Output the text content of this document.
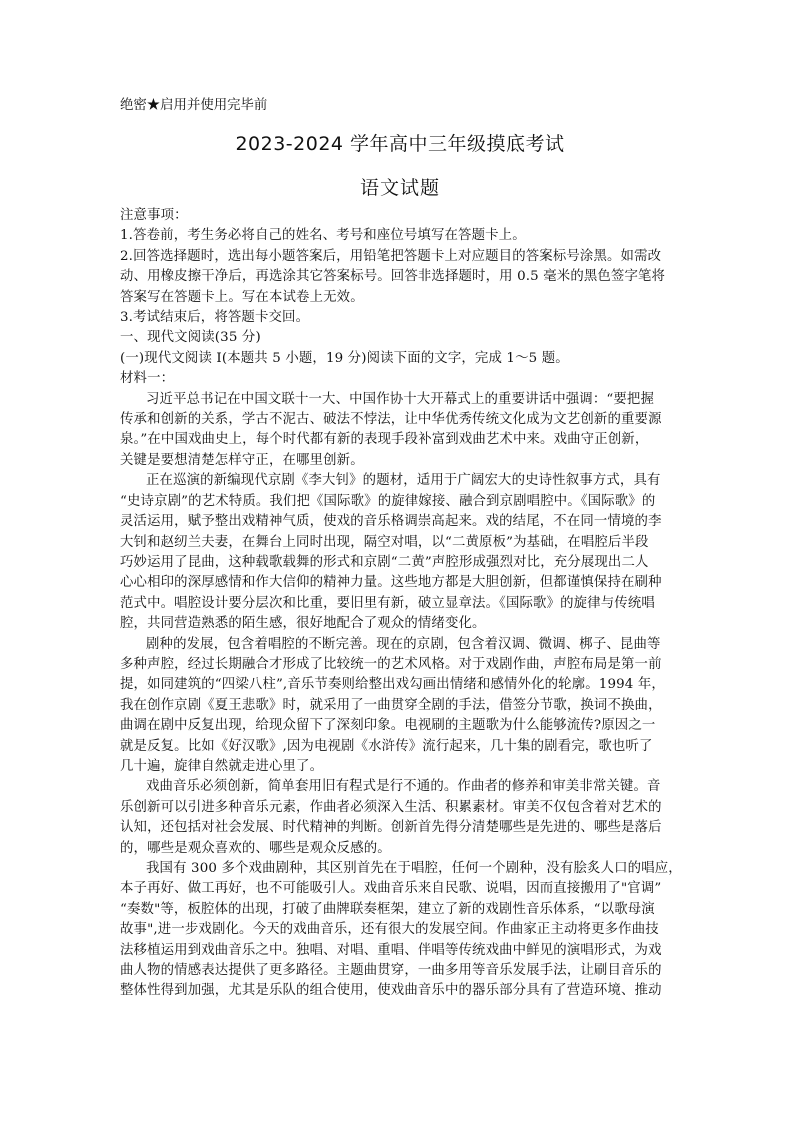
绝密★启用并使用完毕前
2023-2024 学年高中三年级摸底考试
语文试题
注意事项：
1.答卷前，考生务必将自己的姓名、考号和座位号填写在答题卡上。
2.回答选择题时，选出每小题答案后，用铅笔把答题卡上对应题目的答案标号涂黑。如需改
动、用橡皮擦干净后，再选涂其它答案标号。回答非选择题时，用 0.5 毫米的黑色签字笔将
答案写在答题卡上。写在本试卷上无效。
3.考试结束后，将答题卡交回。
一、现代文阅读(35 分)
(一)现代文阅读 I(本题共 5 小题，19 分)阅读下面的文字，完成 1～5 题。
材料一：
习近平总书记在中国文联十一大、中国作协十大开幕式上的重要讲话中强调：“要把握
传承和创新的关系，学古不泥古、破法不悖法，让中华优秀传统文化成为文艺创新的重要源
泉。”在中国戏曲史上，每个时代都有新的表现手段补富到戏曲艺术中来。戏曲守正创新，
关键是要想清楚怎样守正，在哪里创新。
正在巡演的新编现代京剧《李大钊》的题材，适用于广阔宏大的史诗性叙事方式，具有
“史诗京剧”的艺术特质。我们把《国际歌》的旋律嫁接、融合到京剧唱腔中。《国际歌》的
灵活运用，赋予整出戏精神气质，使戏的音乐格调崇高起来。戏的结尾，不在同一情境的李
大钊和赵纫兰夫妻，在舞台上同时出现，隔空对唱，以“二黄原板”为基础，在唱腔后半段
巧妙运用了昆曲，这种载歌载舞的形式和京剧“二黄”声腔形成强烈对比，充分展现出二人
心心相印的深厚感情和作大信仰的精神力量。这些地方都是大胆创新，但都谨慎保持在刷种
范式中。唱腔设计要分层次和比重，要旧里有新，破立显章法。《国际歌》的旋律与传统唱
腔，共同营造熟悉的陌生感，很好地配合了观众的情绪变化。
剧种的发展，包含着唱腔的不断完善。现在的京剧，包含着汉调、微调、梆子、昆曲等
多种声腔，经过长期融合才形成了比较统一的艺术风格。对于戏剧作曲，声腔布局是第一前
提，如同建筑的“四梁八柱”,音乐节奏则给整出戏勾画出情绪和感情外化的轮廓。1994 年，
我在创作京剧《夏王悲歌》时，就采用了一曲贯穿全剧的手法，借签分节歌，换词不换曲，
曲调在剧中反复出现，给现众留下了深刻印象。电视刷的主题歌为什么能够流传?原因之一
就是反复。比如《好汉歌》,因为电视剧《水浒传》流行起来，几十集的剧看完，歌也听了
几十遍，旋律自然就走进心里了。
戏曲音乐必须创新，简单套用旧有程式是行不通的。作曲者的修养和审美非常关键。音
乐创新可以引进多种音乐元素，作曲者必须深入生活、积累素材。审美不仅包含着对艺术的
认知，还包括对社会发展、时代精神的判断。创新首先得分清楚哪些是先进的、哪些是落后
的，哪些是观众喜欢的、哪些是观众反感的。
我国有 300 多个戏曲剧种，其区别首先在于唱腔，任何一个剧种，没有脍炙人口的唱应，
本子再好、做工再好，也不可能吸引人。戏曲音乐来自民歌、说唱，因而直接搬用了"官调”
“奏数"等，板腔体的出现，打破了曲牌联奏框架，建立了新的戏剧性音乐体系，“以歌母演
故事",进一步戏剧化。今天的戏曲音乐，还有很大的发展空间。作曲家正主动将更多作曲技
法移植运用到戏曲音乐之中。独唱、对唱、重唱、伴唱等传统戏曲中鲜见的演唱形式，为戏
曲人物的情感表达提供了更多路径。主题曲贯穿，一曲多用等音乐发展手法，让刷目音乐的
整体性得到加强，尤其是乐队的组合使用，使戏曲音乐中的器乐部分具有了营造环境、推动
